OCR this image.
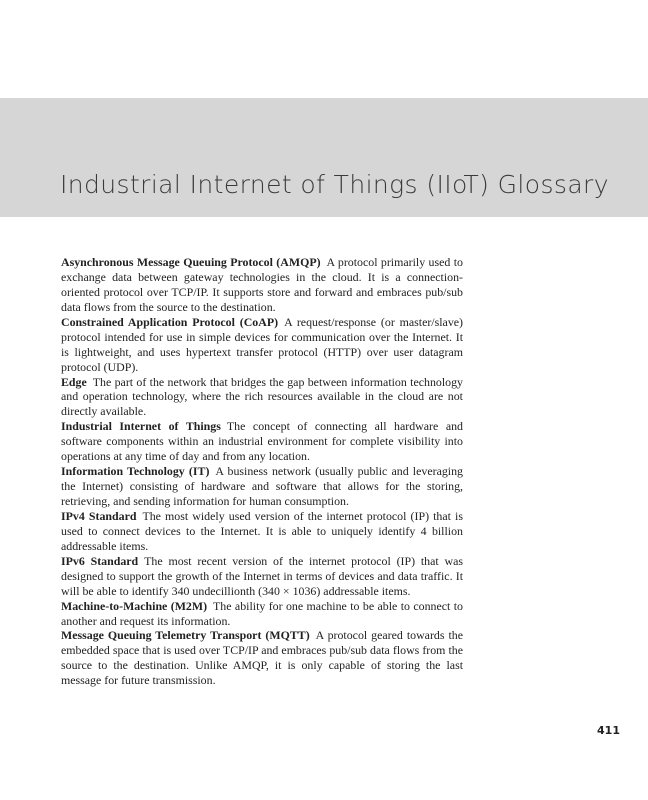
Industrial Internet of Things (IIoT) Glossary

Asynchronous Message Queuing Protocol (AMQP) A protocol primarily used to exchange data between gateway technologies in the cloud. It is a connection-oriented protocol over TCP/IP. It supports store and forward and embraces pub/sub data flows from the source to the destination.

Constrained Application Protocol (CoAP) A request/response (or master/slave) protocol intended for use in simple devices for communication over the Internet. It is lightweight, and uses hypertext transfer protocol (HTTP) over user datagram protocol (UDP).

Edge The part of the network that bridges the gap between information technology and operation technology, where the rich resources available in the cloud are not directly available.

Industrial Internet of Things The concept of connecting all hardware and software components within an industrial environment for complete visibility into operations at any time of day and from any location.

Information Technology (IT) A business network (usually public and leveraging the Internet) consisting of hardware and software that allows for the storing, retrieving, and sending information for human consumption.

IPv4 Standard The most widely used version of the internet protocol (IP) that is used to connect devices to the Internet. It is able to uniquely identify 4 billion addressable items.

IPv6 Standard The most recent version of the internet protocol (IP) that was designed to support the growth of the Internet in terms of devices and data traffic. It will be able to identify 340 undecillionth (340 × 1036) addressable items.

Machine-to-Machine (M2M) The ability for one machine to be able to connect to another and request its information.

Message Queuing Telemetry Transport (MQTT) A protocol geared towards the embedded space that is used over TCP/IP and embraces pub/sub data flows from the source to the destination. Unlike AMQP, it is only capable of storing the last message for future transmission.

411
